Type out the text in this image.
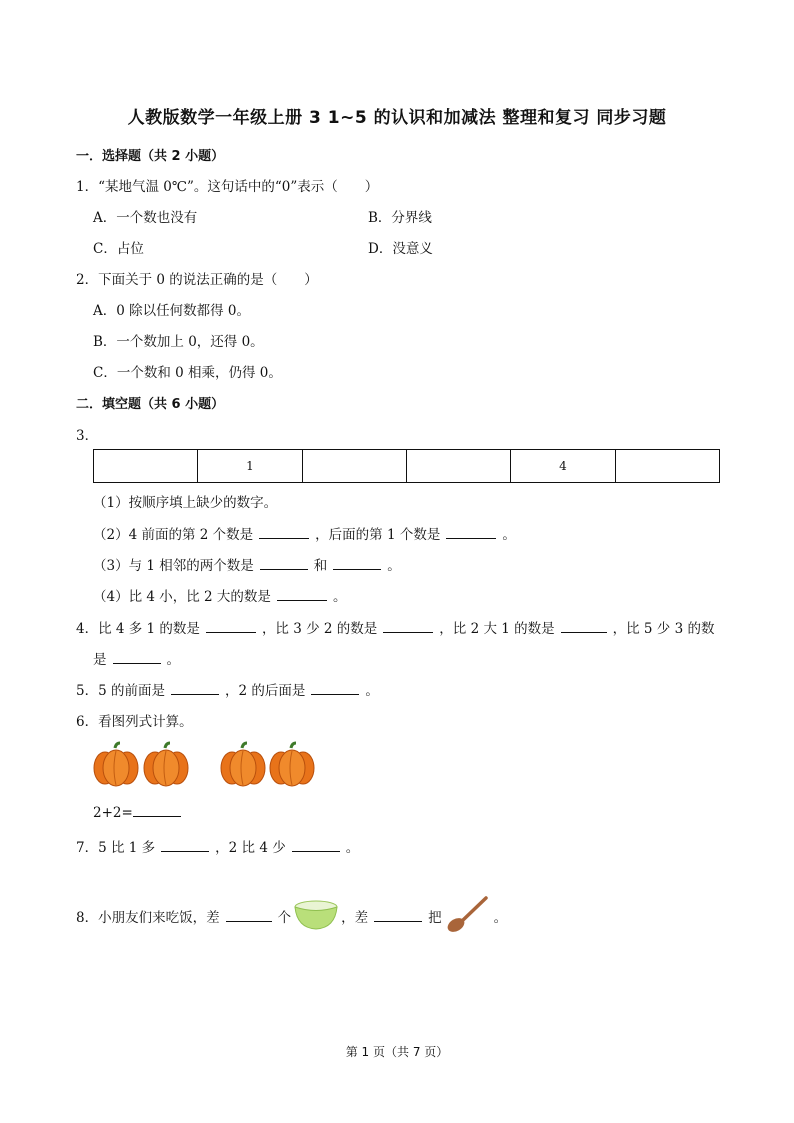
人教版数学一年级上册 3 1~5 的认识和加减法 整理和复习 同步习题
一．选择题（共 2 小题）
1．“某地气温 0℃”。这句话中的“0”表示（　　）
A．一个数也没有	B．分界线
C．占位	D．没意义
2．下面关于 0 的说法正确的是（　　）
A．0 除以任何数都得 0。
B．一个数加上 0，还得 0。
C．一个数和 0 相乘，仍得 0。
二．填空题（共 6 小题）
3．
	1			4	
（1）按顺序填上缺少的数字。
（2）4 前面的第 2 个数是	，后面的第 1 个数是	。
（3）与 1 相邻的两个数是	和	。
（4）比 4 小，比 2 大的数是	。
4．比 4 多 1 的数是	，比 3 少 2 的数是	，比 2 大 1 的数是	，比 5 少 3 的数
是	。
5．5 的前面是	，2 的后面是	。
6．看图列式计算。
2+2=
7．5 比 1 多	，2 比 4 少	。
8．小朋友们来吃饭，差	个	，差	把	。
第 1 页（共 7 页）
